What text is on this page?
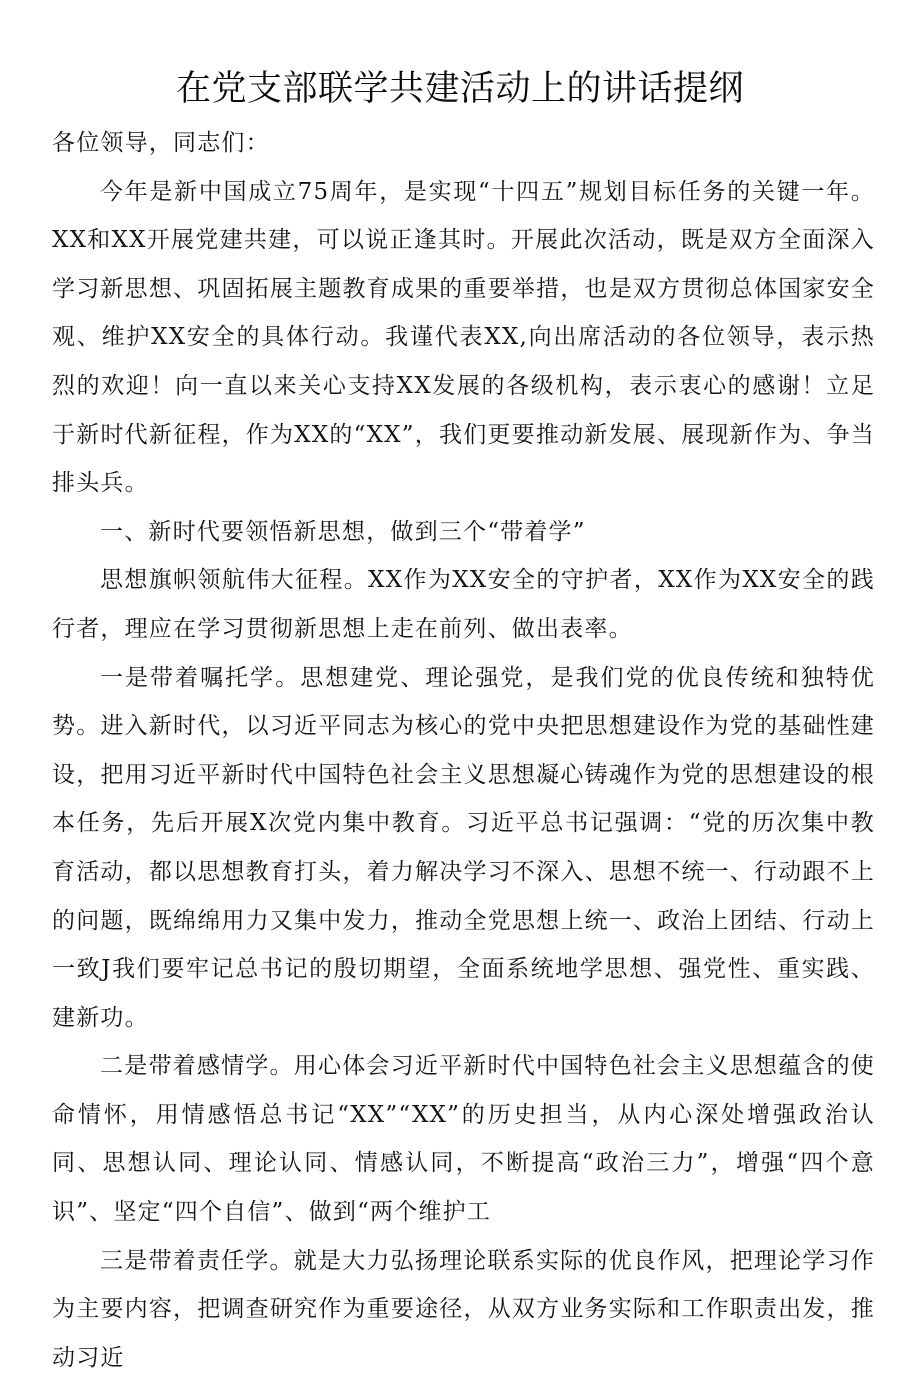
在党支部联学共建活动上的讲话提纲

各位领导，同志们：

今年是新中国成立75周年，是实现“十四五”规划目标任务的关键一年。XX和XX开展党建共建，可以说正逢其时。开展此次活动，既是双方全面深入学习新思想、巩固拓展主题教育成果的重要举措，也是双方贯彻总体国家安全观、维护XX安全的具体行动。我谨代表XX,向出席活动的各位领导，表示热烈的欢迎！向一直以来关心支持XX发展的各级机构，表示衷心的感谢！立足于新时代新征程，作为XX的“XX”，我们更要推动新发展、展现新作为、争当排头兵。

一、新时代要领悟新思想，做到三个“带着学”

思想旗帜领航伟大征程。XX作为XX安全的守护者，XX作为XX安全的践行者，理应在学习贯彻新思想上走在前列、做出表率。

一是带着嘱托学。思想建党、理论强党，是我们党的优良传统和独特优势。进入新时代，以习近平同志为核心的党中央把思想建设作为党的基础性建设，把用习近平新时代中国特色社会主义思想凝心铸魂作为党的思想建设的根本任务，先后开展X次党内集中教育。习近平总书记强调：“党的历次集中教育活动，都以思想教育打头，着力解决学习不深入、思想不统一、行动跟不上的问题，既绵绵用力又集中发力，推动全党思想上统一、政治上团结、行动上一致J我们要牢记总书记的殷切期望，全面系统地学思想、强党性、重实践、建新功。

二是带着感情学。用心体会习近平新时代中国特色社会主义思想蕴含的使命情怀，用情感悟总书记“XX”“XX”的历史担当，从内心深处增强政治认同、思想认同、理论认同、情感认同，不断提高“政治三力”，增强“四个意识”、坚定“四个自信”、做到“两个维护工

三是带着责任学。就是大力弘扬理论联系实际的优良作风，把理论学习作为主要内容，把调查研究作为重要途径，从双方业务实际和工作职责出发，推动习近
